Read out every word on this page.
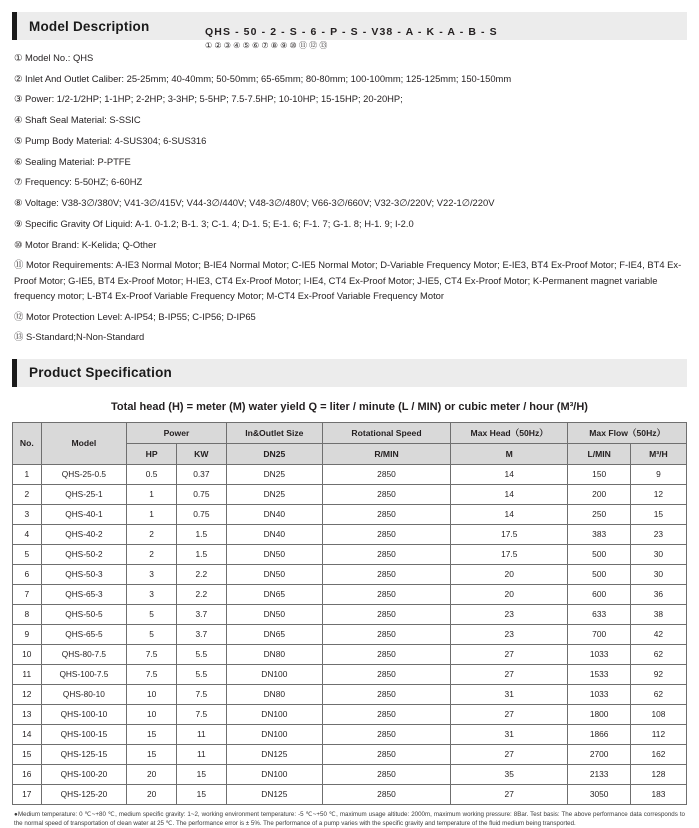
Model Description	QHS - 50 - 2 - S - 6 - P - S - V38 - A - K - A - B - S
① ② ③ ④ ⑤ ⑥ ⑦ ⑧ ⑨ ⑩ ⑪ ⑫ ⑬
① Model No.: QHS
② Inlet And Outlet Caliber: 25-25mm; 40-40mm; 50-50mm; 65-65mm; 80-80mm; 100-100mm; 125-125mm; 150-150mm
③ Power: 1/2-1/2HP; 1-1HP; 2-2HP; 3-3HP; 5-5HP; 7.5-7.5HP; 10-10HP; 15-15HP; 20-20HP;
④ Shaft Seal Material: S-SSIC
⑤ Pump Body Material: 4-SUS304; 6-SUS316
⑥ Sealing Material: P-PTFE
⑦ Frequency: 5-50HZ; 6-60HZ
⑧ Voltage: V38-3∅/380V; V41-3∅/415V; V44-3∅/440V; V48-3∅/480V; V66-3∅/660V; V32-3∅/220V; V22-1∅/220V
⑨ Specific Gravity Of Liquid: A-1. 0-1.2; B-1. 3; C-1. 4; D-1. 5; E-1. 6; F-1. 7; G-1. 8; H-1. 9; I-2.0
⑩ Motor Brand: K-Kelida; Q-Other
⑪ Motor Requirements: A-IE3 Normal Motor; B-IE4 Normal Motor; C-IE5 Normal Motor; D-Variable Frequency Motor; E-IE3, BT4 Ex-Proof Motor; F-IE4, BT4 Ex-Proof Motor; G-IE5, BT4 Ex-Proof Motor; H-IE3, CT4 Ex-Proof Motor; I-IE4, CT4 Ex-Proof Motor; J-IE5, CT4 Ex-Proof Motor; K-Permanent magnet variable frequency motor; L-BT4 Ex-Proof Variable Frequency Motor; M-CT4 Ex-Proof Variable Frequency Motor
⑫ Motor Protection Level: A-IP54; B-IP55; C-IP56; D-IP65
⑬ S-Standard;N-Non-Standard
Product Specification
Total head (H) = meter (M) water yield Q = liter / minute (L / MIN) or cubic meter / hour (M³/H)
No.	Model	Power		In&Outlet Size	Rotational Speed	Max Head（50Hz）	Max Flow（50Hz）	
		HP	KW	DN25	R/MIN	M	L/MIN	M³/H
1	QHS-25-0.5	0.5	0.37	DN25	2850	14	150	9
2	QHS-25-1	1	0.75	DN25	2850	14	200	12
3	QHS-40-1	1	0.75	DN40	2850	14	250	15
4	QHS-40-2	2	1.5	DN40	2850	17.5	383	23
5	QHS-50-2	2	1.5	DN50	2850	17.5	500	30
6	QHS-50-3	3	2.2	DN50	2850	20	500	30
7	QHS-65-3	3	2.2	DN65	2850	20	600	36
8	QHS-50-5	5	3.7	DN50	2850	23	633	38
9	QHS-65-5	5	3.7	DN65	2850	23	700	42
10	QHS-80-7.5	7.5	5.5	DN80	2850	27	1033	62
11	QHS-100-7.5	7.5	5.5	DN100	2850	27	1533	92
12	QHS-80-10	10	7.5	DN80	2850	31	1033	62
13	QHS-100-10	10	7.5	DN100	2850	27	1800	108
14	QHS-100-15	15	11	DN100	2850	31	1866	112
15	QHS-125-15	15	11	DN125	2850	27	2700	162
16	QHS-100-20	20	15	DN100	2850	35	2133	128
17	QHS-125-20	20	15	DN125	2850	27	3050	183
●Medium temperature: 0 ℃~+80 ℃, medium specific gravity: 1~2, working environment temperature: -5 ℃~+50 ℃, maximum usage altitude: 2000m, maximum working pressure: 8Bar. Test basis: The above performance data corresponds to the normal speed of transportation of clean water at 25 ℃. The performance error is ± 5%. The performance of a pump varies with the specific gravity and temperature of the fluid medium being transported.
